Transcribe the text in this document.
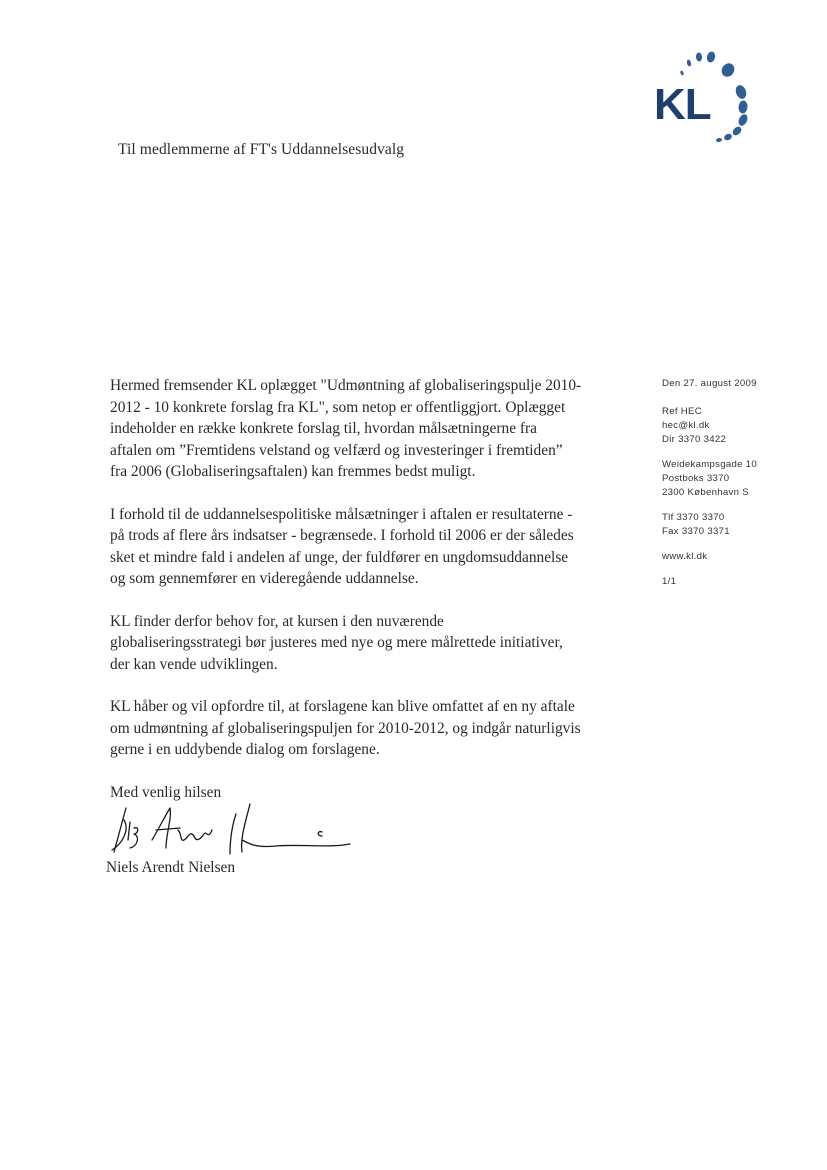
KL
Til medlemmerne af FT's Uddannelsesudvalg

Hermed fremsender KL oplægget "Udmøntning af globaliseringspulje 2010-
2012 - 10 konkrete forslag fra KL", som netop er offentliggjort. Oplægget
indeholder en række konkrete forslag til, hvordan målsætningerne fra
aftalen om ”Fremtidens velstand og velfærd og investeringer i fremtiden”
fra 2006 (Globaliseringsaftalen) kan fremmes bedst muligt.

I forhold til de uddannelsespolitiske målsætninger i aftalen er resultaterne -
på trods af flere års indsatser - begrænsede. I forhold til 2006 er der således
sket et mindre fald i andelen af unge, der fuldfører en ungdomsuddannelse
og som gennemfører en videregående uddannelse.

KL finder derfor behov for, at kursen i den nuværende
globaliseringsstrategi bør justeres med nye og mere målrettede initiativer,
der kan vende udviklingen.

KL håber og vil opfordre til, at forslagene kan blive omfattet af en ny aftale
om udmøntning af globaliseringspuljen for 2010-2012, og indgår naturligvis
gerne i en uddybende dialog om forslagene.

Med venlig hilsen

Niels Arendt Nielsen
Den 27. august 2009
Ref HEC
hec@kl.dk
Dir 3370 3422
Weidekampsgade 10
Postboks 3370
2300 København S
Tlf 3370 3370
Fax 3370 3371
www.kl.dk
1/1
